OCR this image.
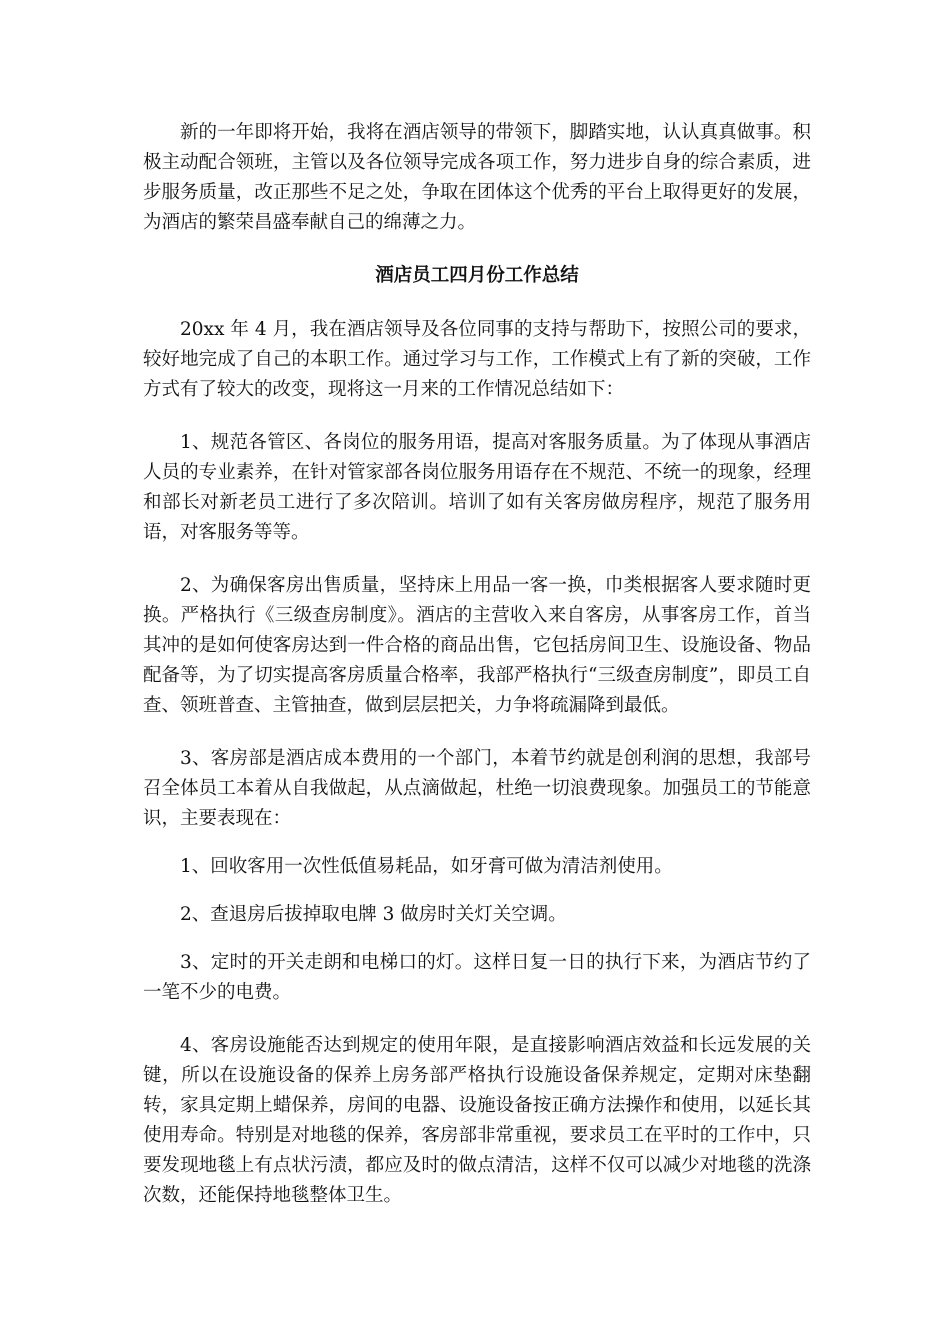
新的一年即将开始，我将在酒店领导的带领下，脚踏实地，认认真真做事。积极主动配合领班，主管以及各位领导完成各项工作，努力进步自身的综合素质，进步服务质量，改正那些不足之处，争取在团体这个优秀的平台上取得更好的发展，为酒店的繁荣昌盛奉献自己的绵薄之力。

酒店员工四月份工作总结

20xx 年 4 月，我在酒店领导及各位同事的支持与帮助下，按照公司的要求，较好地完成了自己的本职工作。通过学习与工作，工作模式上有了新的突破，工作方式有了较大的改变，现将这一月来的工作情况总结如下：

1、规范各管区、各岗位的服务用语，提高对客服务质量。为了体现从事酒店人员的专业素养，在针对管家部各岗位服务用语存在不规范、不统一的现象，经理和部长对新老员工进行了多次陪训。培训了如有关客房做房程序，规范了服务用语，对客服务等等。

2、为确保客房出售质量，坚持床上用品一客一换，巾类根据客人要求随时更换。严格执行《三级查房制度》。酒店的主营收入来自客房，从事客房工作，首当其冲的是如何使客房达到一件合格的商品出售，它包括房间卫生、设施设备、物品配备等，为了切实提高客房质量合格率，我部严格执行“三级查房制度”，即员工自查、领班普查、主管抽查，做到层层把关，力争将疏漏降到最低。

3、客房部是酒店成本费用的一个部门，本着节约就是创利润的思想，我部号召全体员工本着从自我做起，从点滴做起，杜绝一切浪费现象。加强员工的节能意识，主要表现在：

1、回收客用一次性低值易耗品，如牙膏可做为清洁剂使用。

2、查退房后拔掉取电牌 3 做房时关灯关空调。

3、定时的开关走朗和电梯口的灯。这样日复一日的执行下来，为酒店节约了一笔不少的电费。

4、客房设施能否达到规定的使用年限，是直接影响酒店效益和长远发展的关键，所以在设施设备的保养上房务部严格执行设施设备保养规定，定期对床垫翻转，家具定期上蜡保养，房间的电器、设施设备按正确方法操作和使用，以延长其使用寿命。特别是对地毯的保养，客房部非常重视，要求员工在平时的工作中，只要发现地毯上有点状污渍，都应及时的做点清洁，这样不仅可以减少对地毯的洗涤次数，还能保持地毯整体卫生。
